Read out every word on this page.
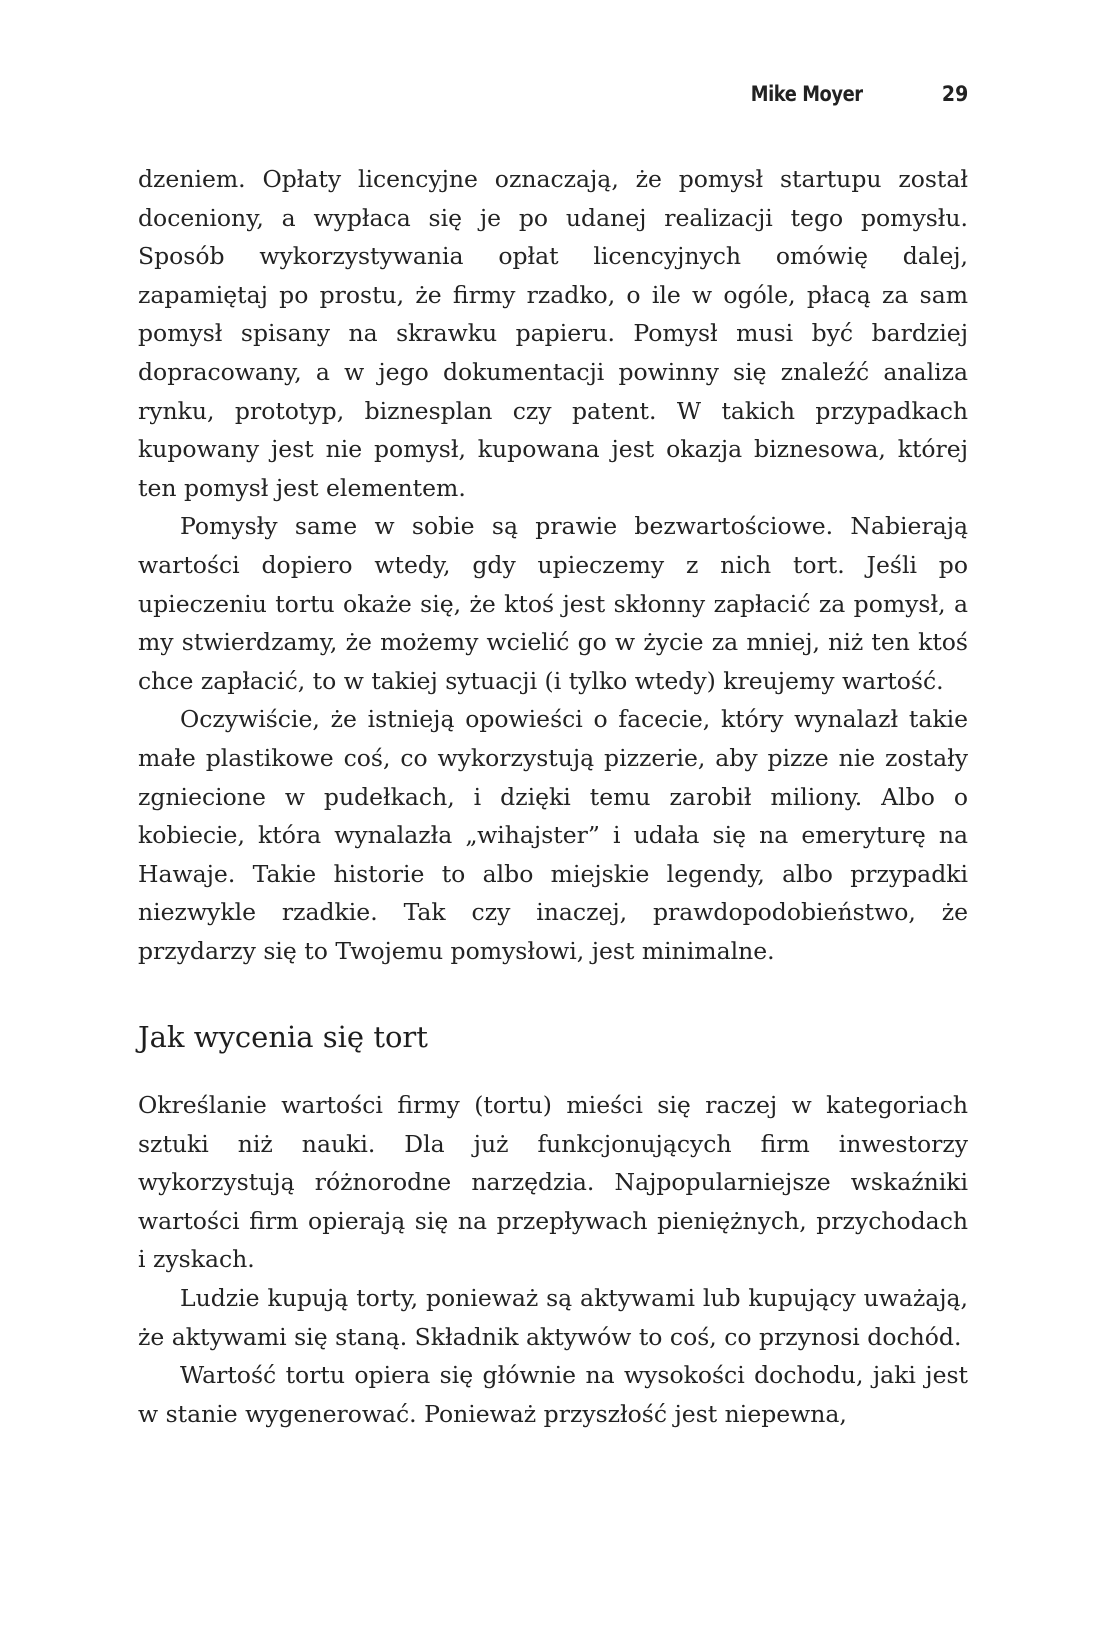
Mike Moyer	29

dzeniem. Opłaty licencyjne oznaczają, że pomysł startupu został doceniony, a wypłaca się je po udanej realizacji tego pomysłu. Sposób wykorzystywania opłat licencyjnych omówię dalej, zapamiętaj po prostu, że firmy rzadko, o ile w ogóle, płacą za sam pomysł spisany na skrawku papieru. Pomysł musi być bardziej dopracowany, a w jego dokumentacji powinny się znaleźć analiza rynku, prototyp, biznesplan czy patent. W takich przypadkach kupowany jest nie pomysł, kupowana jest okazja biznesowa, której ten pomysł jest elementem.

Pomysły same w sobie są prawie bezwartościowe. Nabierają wartości dopiero wtedy, gdy upieczemy z nich tort. Jeśli po upieczeniu tortu okaże się, że ktoś jest skłonny zapłacić za pomysł, a my stwierdzamy, że możemy wcielić go w życie za mniej, niż ten ktoś chce zapłacić, to w takiej sytuacji (i tylko wtedy) kreujemy wartość.

Oczywiście, że istnieją opowieści o facecie, który wynalazł takie małe plastikowe coś, co wykorzystują pizzerie, aby pizze nie zostały zgniecione w pudełkach, i dzięki temu zarobił miliony. Albo o kobiecie, która wynalazła „wihajster” i udała się na emeryturę na Hawaje. Takie historie to albo miejskie legendy, albo przypadki niezwykle rzadkie. Tak czy inaczej, prawdopodobieństwo, że przydarzy się to Twojemu pomysłowi, jest minimalne.

Jak wycenia się tort

Określanie wartości firmy (tortu) mieści się raczej w kategoriach sztuki niż nauki. Dla już funkcjonujących firm inwestorzy wykorzystują różnorodne narzędzia. Najpopularniejsze wskaźniki wartości firm opierają się na przepływach pieniężnych, przychodach i zyskach.

Ludzie kupują torty, ponieważ są aktywami lub kupujący uważają, że aktywami się staną. Składnik aktywów to coś, co przynosi dochód.

Wartość tortu opiera się głównie na wysokości dochodu, jaki jest w stanie wygenerować. Ponieważ przyszłość jest niepewna,
